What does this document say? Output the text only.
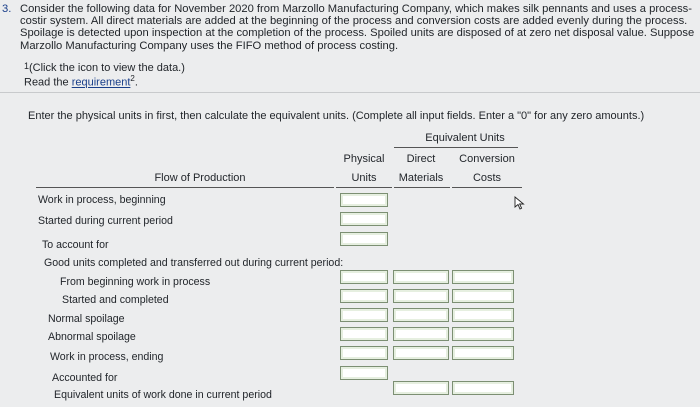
3. Consider the following data for November 2020 from Marzollo Manufacturing Company, which makes silk pennants and uses a process-costir system. All direct materials are added at the beginning of the process and conversion costs are added evenly during the process. Spoilage is detected upon inspection at the completion of the process. Spoiled units are disposed of at zero net disposal value. Suppose Marzollo Manufacturing Company uses the FIFO method of process costing.
1 (Click the icon to view the data.)
Read the requirement$^2$.
Enter the physical units in first, then calculate the equivalent units. (Complete all input fields. Enter a "0" for any zero amounts.)
Equivalent Units
Physical
Units
Direct
Materials
Conversion
Costs
Flow of Production
Work in process, beginning
Started during current period
To account for
Good units completed and transferred out during current period:
From beginning work in process
Started and completed
Normal spoilage
Abnormal spoilage
Work in process, ending
Accounted for
Equivalent units of work done in current period
